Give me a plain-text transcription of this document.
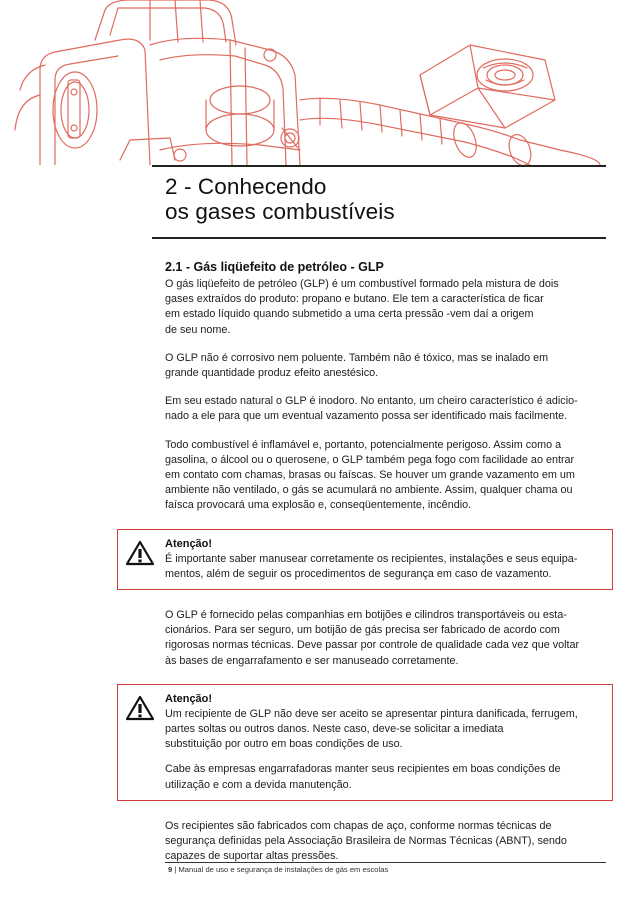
2 - Conhecendo
os gases combustíveis
2.1 - Gás liqüefeito de petróleo - GLP

O gás liqüefeito de petróleo (GLP) é um combustível formado pela mistura de dois
gases extraídos do produto: propano e butano. Ele tem a característica de ficar
em estado líquido quando submetido a uma certa pressão -vem daí a origem
de seu nome.

O GLP não é corrosivo nem poluente. Também não é tóxico, mas se inalado em
grande quantidade produz efeito anestésico.

Em seu estado natural o GLP é inodoro. No entanto, um cheiro característico é adicio-
nado a ele para que um eventual vazamento possa ser identificado mais facilmente.

Todo combustível é inflamável e, portanto, potencialmente perigoso. Assim como a
gasolina, o álcool ou o querosene, o GLP também pega fogo com facilidade ao entrar
em contato com chamas, brasas ou faíscas. Se houver um grande vazamento em um
ambiente não ventilado, o gás se acumulará no ambiente. Assim, qualquer chama ou
faísca provocará uma explosão e, conseqüentemente, incêndio.

Atenção!

É importante saber manusear corretamente os recipientes, instalações e seus equipa-
mentos, além de seguir os procedimentos de segurança em caso de vazamento.

O GLP é fornecido pelas companhias em botijões e cilindros transportáveis ou esta-
cionários. Para ser seguro, um botijão de gás precisa ser fabricado de acordo com
rigorosas normas técnicas. Deve passar por controle de qualidade cada vez que voltar
às bases de engarrafamento e ser manuseado corretamente.

Atenção!

Um recipiente de GLP não deve ser aceito se apresentar pintura danificada, ferrugem,
partes soltas ou outros danos. Neste caso, deve-se solicitar a imediata
substituição por outro em boas condições de uso.

Cabe às empresas engarrafadoras manter seus recipientes em boas condições de
utilização e com a devida manutenção.

Os recipientes são fabricados com chapas de aço, conforme normas técnicas de
segurança definidas pela Associação Brasileira de Normas Técnicas (ABNT), sendo
capazes de suportar altas pressões.

9 | Manual de uso e segurança de instalações de gás em escolas
